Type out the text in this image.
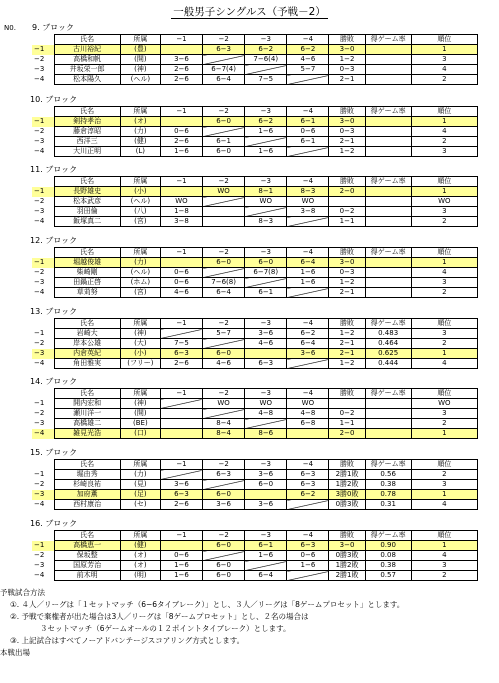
一般男子シングルス（予戦－2）
N0. 9. ブロック
	氏名	所属	−1	−2	−3	−4	勝敗	得ゲーム率	順位
−1	古川裕紀	(豊)		6−3	6−2	6−2	3−0		1
−2	高橋和帆	(開)	3−6		7−6(4)	4−6	1−2		3
−3	井坂栄一郎	(神)	2−6	6−7(4)		5−7	0−3		4
−4	松本陽久	(ヘル)	2−6	6−4	7−5		2−1		2
10. ブロック
	氏名	所属	−1	−2	−3	−4	勝敗	得ゲーム率	順位
−1	剣持孝治	(オ)		6−0	6−2	6−1	3−0		1
−2	藤倉淳昭	(力)	0−6		1−6	0−6	0−3		4
−3	西洋三	(健)	2−6	6−1		6−1	2−1		2
−4	大川正明	(L)	1−6	6−0	1−6		1−2		3
11. ブロック
	氏名	所属	−1	−2	−3	−4	勝敗	得ゲーム率	順位
−1	長野雄史	(小)		WO	8−1	8−3	2−0		1
−2	松本武彦	(ヘル)	WO		WO	WO			WO
−3	羽田倫	(八)	1−8			3−8	0−2		3
−4	飯塚真二	(宮)	3−8		8−3		1−1		2
12. ブロック
	氏名	所属	−1	−2	−3	−4	勝敗	得ゲーム率	順位
−1	堀越俊雄	(力)		6−0	6−0	6−4	3−0		1
−2	柴崎剛	(ヘル)	0−6		6−7(8)	1−6	0−3		4
−3	田鍋正啓	(ホム)	0−6	7−6(8)		1−6	1−2		3
−4	草苅努	(宮)	4−6	6−4	6−1		2−1		2
13. ブロック
	氏名	所属	−1	−2	−3	−4	勝敗	得ゲーム率	順位
−1	岩崎大	(神)		5−7	3−6	6−2	1−2	0.483	3
−2	岸本公雄	(大)	7−5		4−6	6−4	2−1	0.464	2
−3	内倉英紀	(小)	6−3	6−0		3−6	2−1	0.625	1
−4	角田雅実	(フリー)	2−6	4−6	6−3		1−2	0.444	4
14. ブロック
	氏名	所属	−1	−2	−3	−4	勝敗	得ゲーム率	順位
−1	開内宏和	(神)		WO	WO	WO			WO
−2	瀬川洋一	(開)			4−8	4−8	0−2		3
−3	高橋雄二	(BE)		8−4		6−8	1−1		2
−4	雑見光浩	(口)		8−4	8−6		2−0		1
15. ブロック
	氏名	所属	−1	−2	−3	−4	勝敗	得ゲーム率	順位
−1	堀由秀	(力)		6−3	3−6	6−3	2勝1敗	0.56	2
−2	杉崎良祐	(見)	3−6		6−0	6−3	1勝2敗	0.38	3
−3	加府薫	(足)	6−3	6−0		6−2	3勝0敗	0.78	1
−4	西村康治	(セ)	2−6	3−6	3−6		0勝3敗	0.31	4
16. ブロック
	氏名	所属	−1	−2	−3	−4	勝敗	得ゲーム率	順位
−1	高橋恵一	(健)		6−0	6−1	6−3	3−0	0.90	1
−2	保坂整	(オ)	0−6		1−6	0−6	0勝3敗	0.08	4
−3	国原芳治	(オ)	1−6	6−0		1−6	1勝2敗	0.38	3
−4	前木明	(明)	1−6	6−0	6−4		2勝1敗	0.57	2
予戦試合方法
①. ４人／リーグは「１セットマッチ（6−6タイブレーク）」とし、３人／リーグは「8ゲームプロセット」とします。
②. 予戦で棄権者が出た場合は3人／リーグは「8ゲームプロセット」とし、２名の場合は
　　　　３セットマッチ（6ゲームオールの１２ポイントタイブレーク）とします。
③. 上記試合はすべてノーアドバンテージスコアリング方式とします。
本戦出場
